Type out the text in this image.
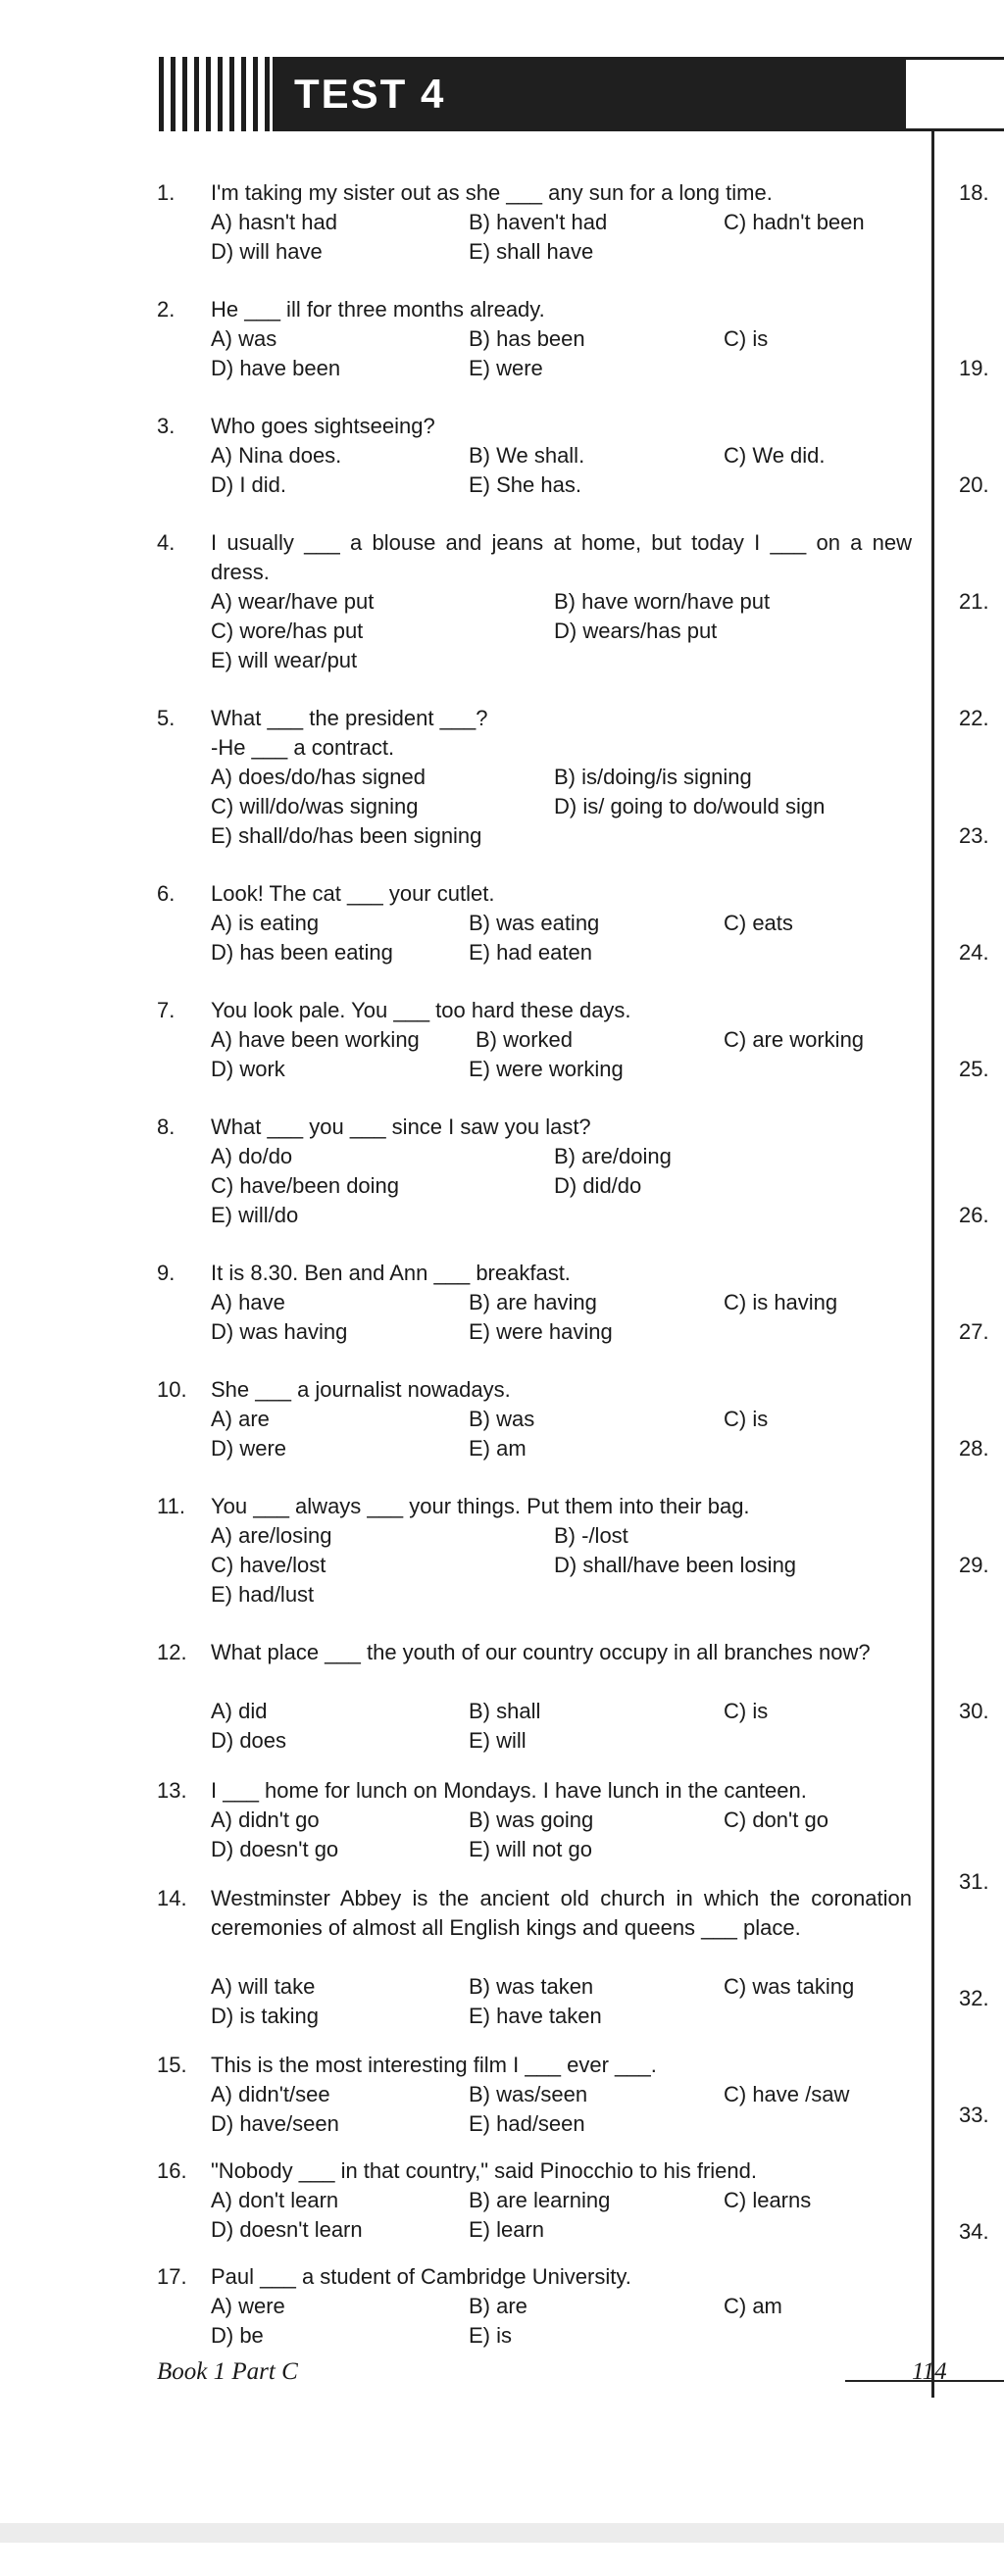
TEST 4
1. I'm taking my sister out as she ___ any sun for a long time.
A) hasn't had	B) haven't had	C) hadn't been
D) will have	E) shall have
2. He ___ ill for three months already.
A) was	B) has been	C) is
D) have been	E) were
3. Who goes sightseeing?
A) Nina does.	B) We shall.	C) We did.
D) I did.	E) She has.
4. I usually ___ a blouse and jeans at home, but today I ___ on a new dress.
A) wear/have put	B) have worn/have put
C) wore/has put	D) wears/has put
E) will wear/put
5. What ___ the president ___?
-He ___ a contract.
A) does/do/has signed	B) is/doing/is signing
C) will/do/was signing	D) is/ going to do/would sign
E) shall/do/has been signing
6. Look! The cat ___ your cutlet.
A) is eating	B) was eating	C) eats
D) has been eating	E) had eaten
7. You look pale. You ___ too hard these days.
A) have been working	B) worked	C) are working
D) work	E) were working
8. What ___ you ___ since I saw you last?
A) do/do	B) are/doing
C) have/been doing	D) did/do
E) will/do
9. It is 8.30. Ben and Ann ___ breakfast.
A) have	B) are having	C) is having
D) was having	E) were having
10. She ___ a journalist nowadays.
A) are	B) was	C) is
D) were	E) am
11. You ___ always ___ your things. Put them into their bag.
A) are/losing	B) -/lost
C) have/lost	D) shall/have been losing
E) had/lust
12. What place ___ the youth of our country occupy in all branches now?
A) did	B) shall	C) is
D) does	E) will
13. I ___ home for lunch on Mondays. I have lunch in the canteen.
A) didn't go	B) was going	C) don't go
D) doesn't go	E) will not go
14. Westminster Abbey is the ancient old church in which the coronation ceremonies of almost all English kings and queens ___ place.
A) will take	B) was taken	C) was taking
D) is taking	E) have taken
15. This is the most interesting film I ___ ever ___.
A) didn't/see	B) was/seen	C) have /saw
D) have/seen	E) had/seen
16. "Nobody ___ in that country," said Pinocchio to his friend.
A) don't learn	B) are learning	C) learns
D) doesn't learn	E) learn
17. Paul ___ a student of Cambridge University.
A) were	B) are	C) am
D) be	E) is
18.
19.
20.
21.
22.
23.
24.
25.
26.
27.
28.
29.
30.
31.
32.
33.
34.
Book 1 Part C	114
